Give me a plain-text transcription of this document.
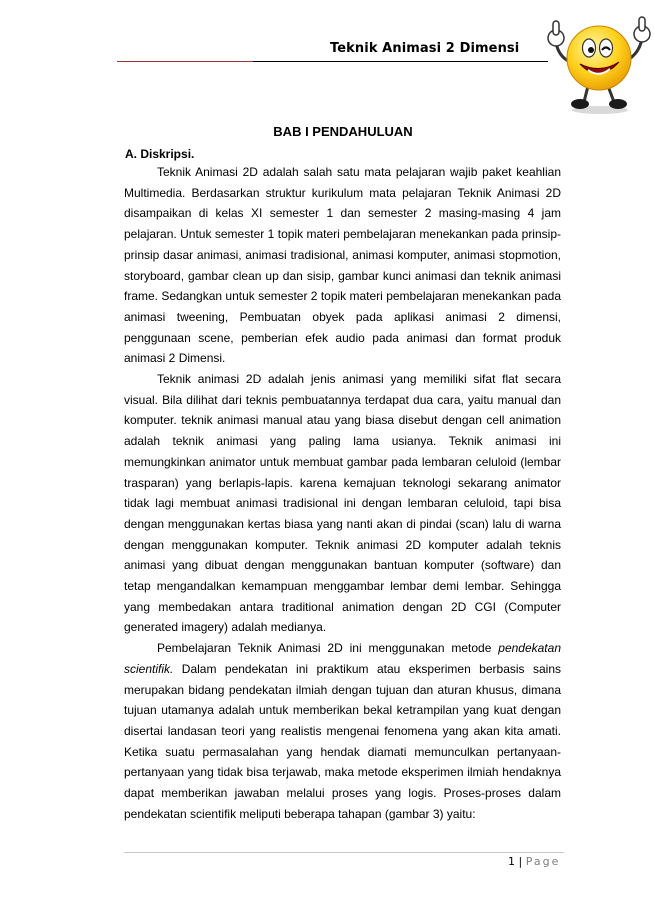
Teknik Animasi 2 Dimensi
BAB I PENDAHULUAN
A. Diskripsi.

Teknik Animasi 2D adalah salah satu mata pelajaran wajib paket keahlian Multimedia. Berdasarkan struktur kurikulum mata pelajaran Teknik Animasi 2D disampaikan di kelas XI semester 1 dan semester 2 masing-masing 4 jam pelajaran. Untuk semester 1 topik materi pembelajaran menekankan pada prinsip-prinsip dasar animasi, animasi tradisional, animasi komputer, animasi stopmotion, storyboard, gambar clean up dan sisip, gambar kunci animasi dan teknik animasi frame. Sedangkan untuk semester 2 topik materi pembelajaran menekankan pada animasi tweening, Pembuatan obyek pada aplikasi animasi 2 dimensi, penggunaan scene, pemberian efek audio pada animasi dan format produk animasi 2 Dimensi.

Teknik animasi 2D adalah jenis animasi yang memiliki sifat flat secara visual. Bila dilihat dari teknis pembuatannya terdapat dua cara, yaitu manual dan komputer. teknik animasi manual atau yang biasa disebut dengan cell animation adalah teknik animasi yang paling lama usianya. Teknik animasi ini memungkinkan animator untuk membuat gambar pada lembaran celuloid (lembar trasparan) yang berlapis-lapis. karena kemajuan teknologi sekarang animator tidak lagi membuat animasi tradisional ini dengan lembaran celuloid, tapi bisa dengan menggunakan kertas biasa yang nanti akan di pindai (scan) lalu di warna dengan menggunakan komputer. Teknik animasi 2D komputer adalah teknis animasi yang dibuat dengan menggunakan bantuan komputer (software) dan tetap mengandalkan kemampuan menggambar lembar demi lembar. Sehingga yang membedakan antara traditional animation dengan 2D CGI (Computer generated imagery) adalah medianya.

Pembelajaran Teknik Animasi 2D ini menggunakan metode pendekatan scientifik. Dalam pendekatan ini praktikum atau eksperimen berbasis sains merupakan bidang pendekatan ilmiah dengan tujuan dan aturan khusus, dimana tujuan utamanya adalah untuk memberikan bekal ketrampilan yang kuat dengan disertai landasan teori yang realistis mengenai fenomena yang akan kita amati. Ketika suatu permasalahan yang hendak diamati memunculkan pertanyaan-pertanyaan yang tidak bisa terjawab, maka metode eksperimen ilmiah hendaknya dapat memberikan jawaban melalui proses yang logis. Proses-proses dalam pendekatan scientifik meliputi beberapa tahapan (gambar 3) yaitu:

1 | Page
